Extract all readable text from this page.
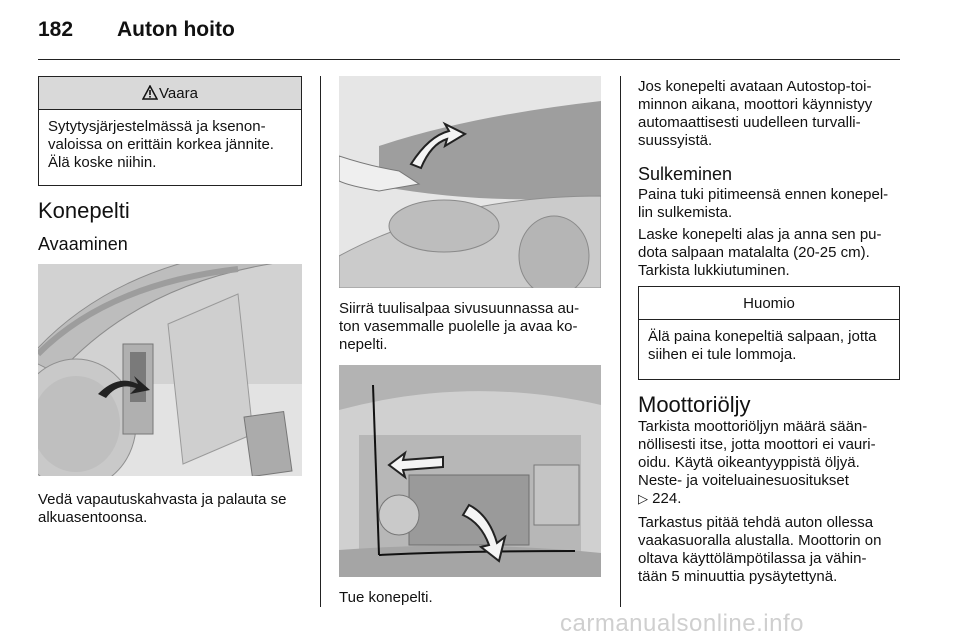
182 Auton hoito
Vaara
Sytytysjärjestelmässä ja ksenon-
valoissa on erittäin korkea jännite.
Älä koske niihin.
Konepelti
Avaaminen
Vedä vapautuskahvasta ja palauta se
alkuasentoonsa.
Siirrä tuulisalpaa sivusuunnassa au-
ton vasemmalle puolelle ja avaa ko-
nepelti.
Tue konepelti.
Jos konepelti avataan Autostop-toi-
minnon aikana, moottori käynnistyy
automaattisesti uudelleen turvalli-
suussyistä.
Sulkeminen
Paina tuki pitimeensä ennen konepel-
lin sulkemista.
Laske konepelti alas ja anna sen pu-
dota salpaan matalalta (20-25 cm).
Tarkista lukkiutuminen.
Huomio
Älä paina konepeltiä salpaan, jotta
siihen ei tule lommoja.
Moottoriöljy
Tarkista moottoriöljyn määrä sään-
nöllisesti itse, jotta moottori ei vauri-
oidu. Käytä oikeantyyppistä öljyä.
Neste- ja voiteluainesuositukset
▷ 224.
Tarkastus pitää tehdä auton ollessa
vaakasuoralla alustalla. Moottorin on
oltava käyttölämpötilassa ja vähin-
tään 5 minuuttia pysäytettynä.
carmanualsonline.info
